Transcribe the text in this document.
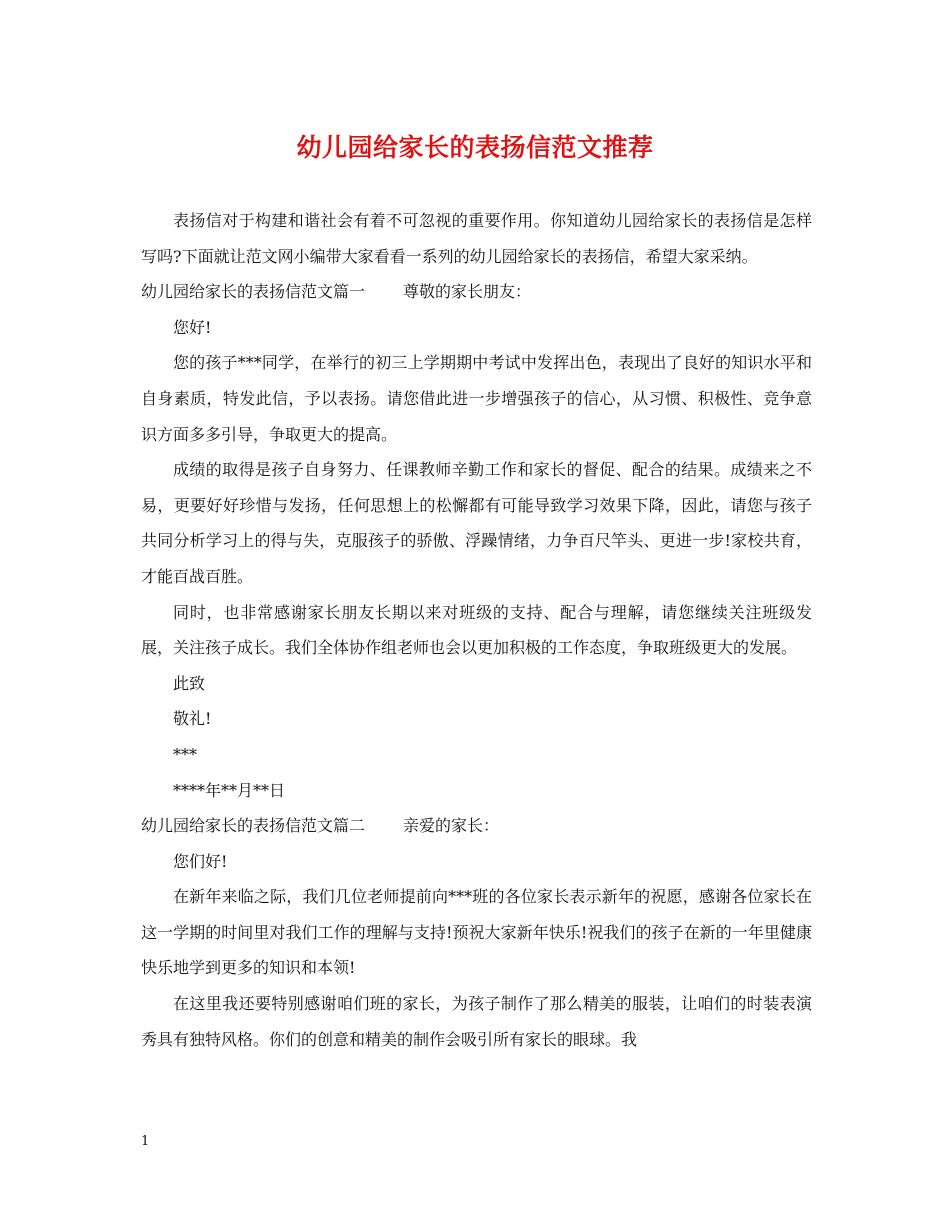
幼儿园给家长的表扬信范文推荐

表扬信对于构建和谐社会有着不可忽视的重要作用。你知道幼儿园给家长的表扬信是怎样写吗?下面就让范文网小编带大家看看一系列的幼儿园给家长的表扬信，希望大家采纳。

幼儿园给家长的表扬信范文篇一 尊敬的家长朋友：

您好!

您的孩子***同学，在举行的初三上学期期中考试中发挥出色，表现出了良好的知识水平和自身素质，特发此信，予以表扬。请您借此进一步增强孩子的信心，从习惯、积极性、竞争意识方面多多引导，争取更大的提高。

成绩的取得是孩子自身努力、任课教师辛勤工作和家长的督促、配合的结果。成绩来之不易，更要好好珍惜与发扬，任何思想上的松懈都有可能导致学习效果下降，因此，请您与孩子共同分析学习上的得与失，克服孩子的骄傲、浮躁情绪，力争百尺竿头、更进一步!家校共育，才能百战百胜。

同时，也非常感谢家长朋友长期以来对班级的支持、配合与理解，请您继续关注班级发展，关注孩子成长。我们全体协作组老师也会以更加积极的工作态度，争取班级更大的发展。

此致

敬礼!

***

****年**月**日

幼儿园给家长的表扬信范文篇二 亲爱的家长：

您们好!

在新年来临之际，我们几位老师提前向***班的各位家长表示新年的祝愿，感谢各位家长在这一学期的时间里对我们工作的理解与支持!预祝大家新年快乐!祝我们的孩子在新的一年里健康快乐地学到更多的知识和本领!

在这里我还要特别感谢咱们班的家长，为孩子制作了那么精美的服装，让咱们的时装表演秀具有独特风格。你们的创意和精美的制作会吸引所有家长的眼球。我

1
